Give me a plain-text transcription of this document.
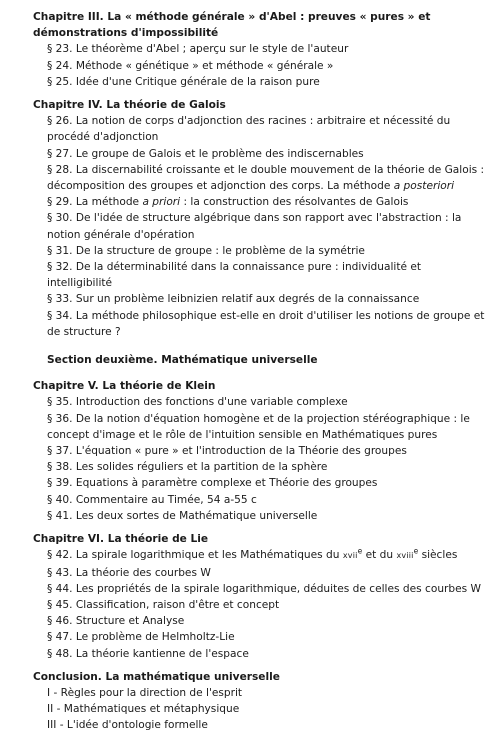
Chapitre III. La « méthode générale » d'Abel : preuves « pures » et démonstrations d'impossibilité
§ 23. Le théorème d'Abel ; aperçu sur le style de l'auteur
§ 24. Méthode « génétique » et méthode « générale »
§ 25. Idée d'une Critique générale de la raison pure
Chapitre IV. La théorie de Galois
§ 26. La notion de corps d'adjonction des racines : arbitraire et nécessité du procédé d'adjonction
§ 27. Le groupe de Galois et le problème des indiscernables
§ 28. La discernabilité croissante et le double mouvement de la théorie de Galois : décomposition des groupes et adjonction des corps. La méthode a posteriori
§ 29. La méthode a priori : la construction des résolvantes de Galois
§ 30. De l'idée de structure algébrique dans son rapport avec l'abstraction : la notion générale d'opération
§ 31. De la structure de groupe : le problème de la symétrie
§ 32. De la déterminabilité dans la connaissance pure : individualité et intelligibilité
§ 33. Sur un problème leibnizien relatif aux degrés de la connaissance
§ 34. La méthode philosophique est-elle en droit d'utiliser les notions de groupe et de structure ?
Section deuxième. Mathématique universelle
Chapitre V. La théorie de Klein
§ 35. Introduction des fonctions d'une variable complexe
§ 36. De la notion d'équation homogène et de la projection stéréographique : le concept d'image et le rôle de l'intuition sensible en Mathématiques pures
§ 37. L'équation « pure » et l'introduction de la Théorie des groupes
§ 38. Les solides réguliers et la partition de la sphère
§ 39. Equations à paramètre complexe et Théorie des groupes
§ 40. Commentaire au Timée, 54 a-55 c
§ 41. Les deux sortes de Mathématique universelle
Chapitre VI. La théorie de Lie
§ 42. La spirale logarithmique et les Mathématiques du xvii$^e$ et du xviii$^e$ siècles
§ 43. La théorie des courbes W
§ 44. Les propriétés de la spirale logarithmique, déduites de celles des courbes W
§ 45. Classification, raison d'être et concept
§ 46. Structure et Analyse
§ 47. Le problème de Helmholtz-Lie
§ 48. La théorie kantienne de l'espace
Conclusion. La mathématique universelle
I - Règles pour la direction de l'esprit
II - Mathématiques et métaphysique
III - L'idée d'ontologie formelle
